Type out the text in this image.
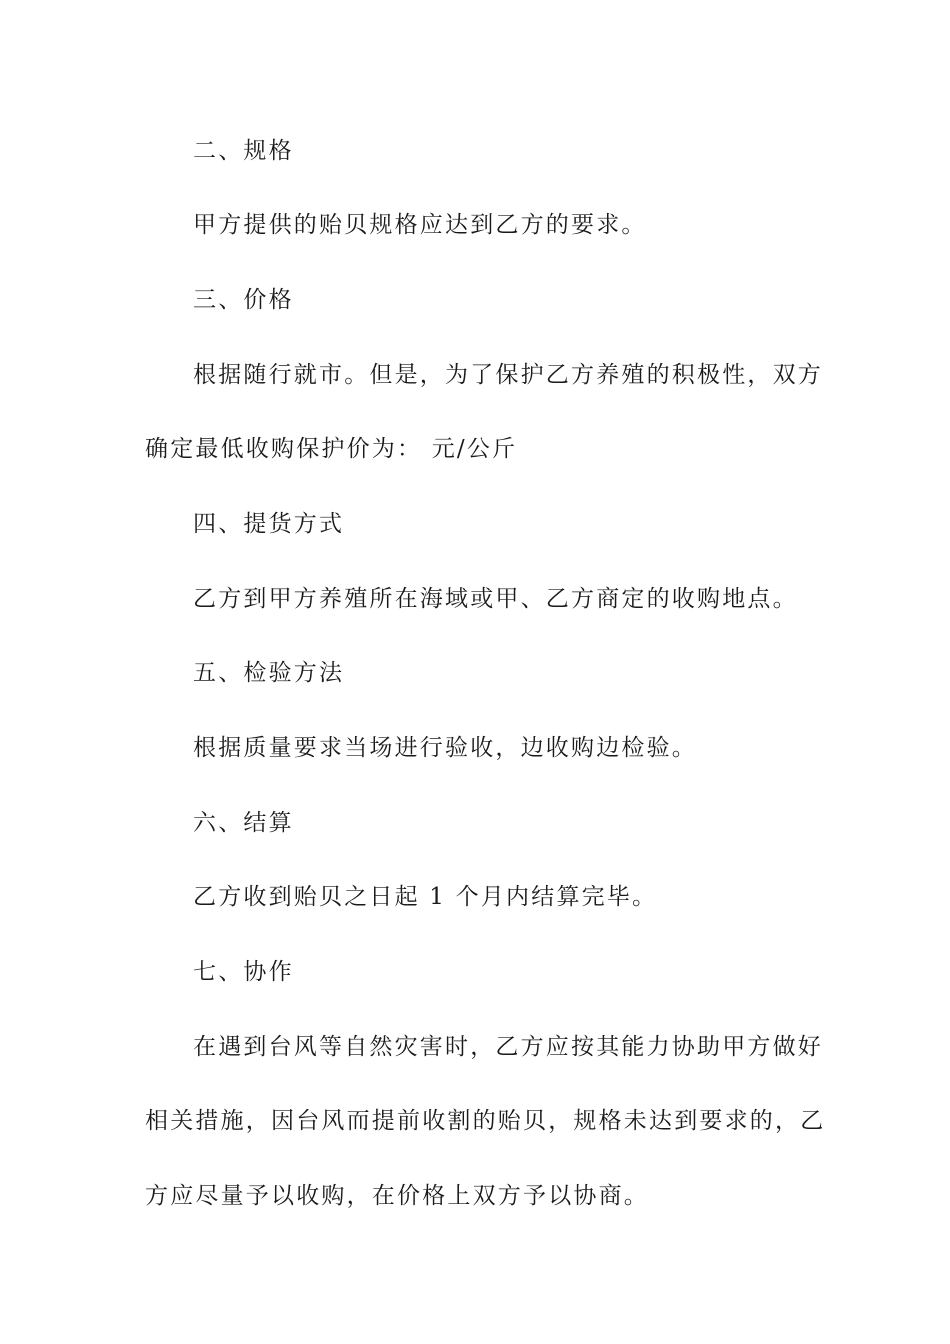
二、规格
甲方提供的贻贝规格应达到乙方的要求。
三、价格
根据随行就市。但是，为了保护乙方养殖的积极性，双方
确定最低收购保护价为： 元/公斤
四、提货方式
乙方到甲方养殖所在海域或甲、乙方商定的收购地点。
五、检验方法
根据质量要求当场进行验收，边收购边检验。
六、结算
乙方收到贻贝之日起 1 个月内结算完毕。
七、协作
在遇到台风等自然灾害时，乙方应按其能力协助甲方做好
相关措施，因台风而提前收割的贻贝，规格未达到要求的，乙
方应尽量予以收购，在价格上双方予以协商。
